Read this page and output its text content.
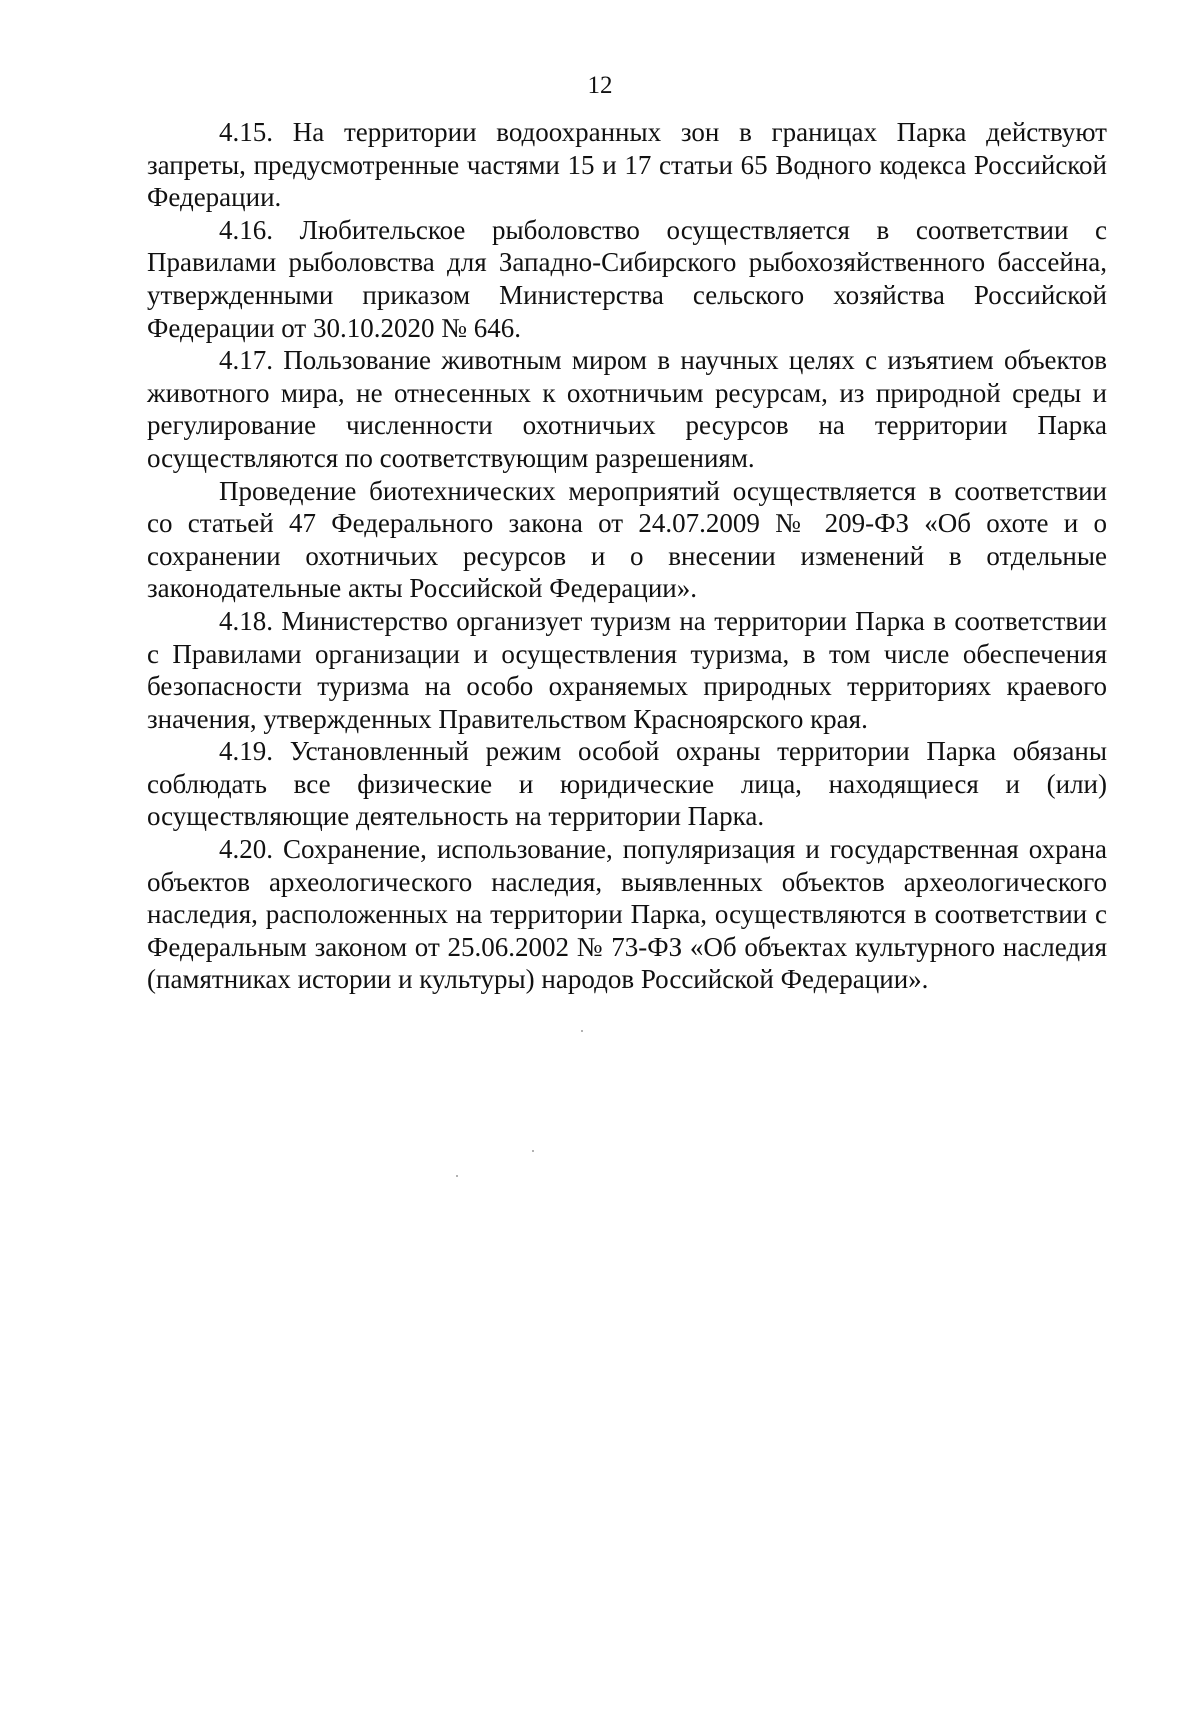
12

4.15. На территории водоохранных зон в границах Парка действуют запреты, предусмотренные частями 15 и 17 статьи 65 Водного кодекса Российской Федерации.

4.16. Любительское рыболовство осуществляется в соответствии с Правилами рыболовства для Западно-Сибирского рыбохозяйственного бассейна, утвержденными приказом Министерства сельского хозяйства Российской Федерации от 30.10.2020 № 646.

4.17. Пользование животным миром в научных целях с изъятием объектов животного мира, не отнесенных к охотничьим ресурсам, из природной среды и регулирование численности охотничьих ресурсов на территории Парка осуществляются по соответствующим разрешениям.

Проведение биотехнических мероприятий осуществляется в соответствии со статьей 47 Федерального закона от 24.07.2009 № 209-ФЗ «Об охоте и о сохранении охотничьих ресурсов и о внесении изменений в отдельные законодательные акты Российской Федерации».

4.18. Министерство организует туризм на территории Парка в соответствии с Правилами организации и осуществления туризма, в том числе обеспечения безопасности туризма на особо охраняемых природных территориях краевого значения, утвержденных Правительством Красноярского края.

4.19. Установленный режим особой охраны территории Парка обязаны соблюдать все физические и юридические лица, находящиеся и (или) осуществляющие деятельность на территории Парка.

4.20. Сохранение, использование, популяризация и государственная охрана объектов археологического наследия, выявленных объектов археологического наследия, расположенных на территории Парка, осуществляются в соответствии с Федеральным законом от 25.06.2002 № 73-ФЗ «Об объектах культурного наследия (памятниках истории и культуры) народов Российской Федерации».
